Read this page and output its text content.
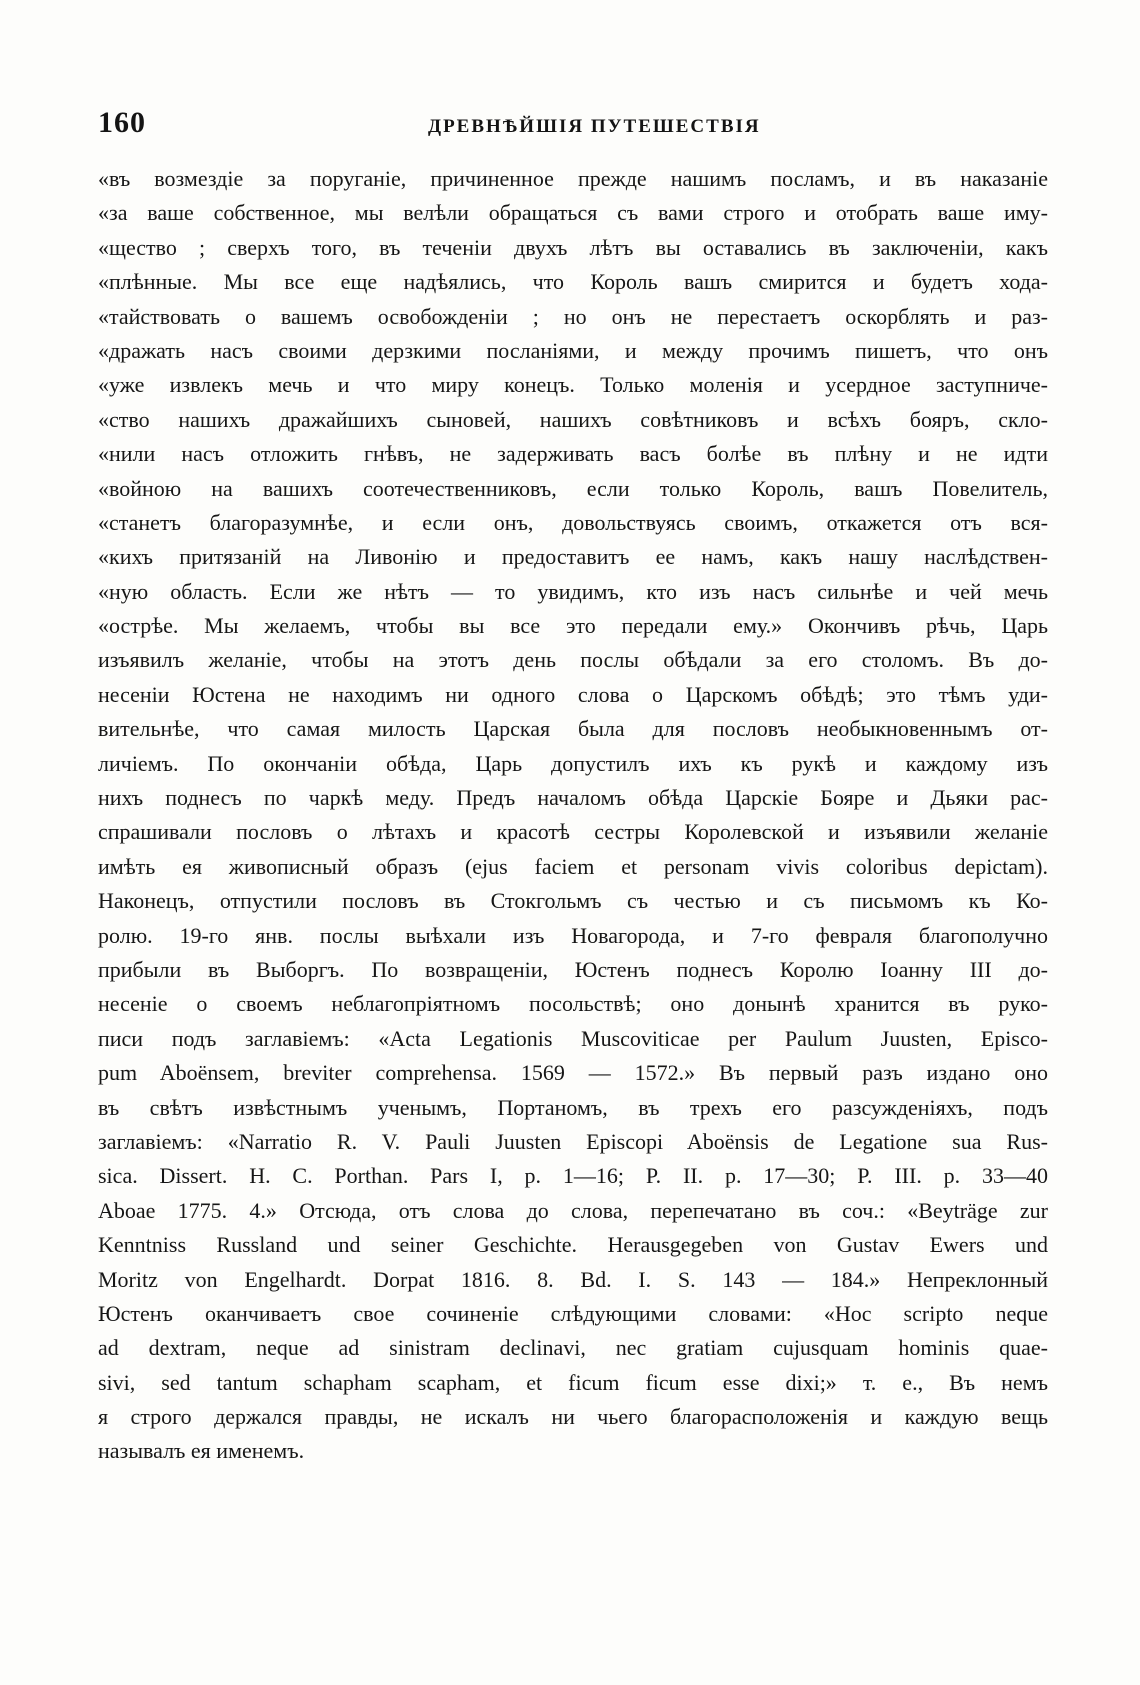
160	ДРЕВНѢЙШІЯ ПУТЕШЕСТВІЯ
«въ возмездіе за поруганіе, причиненное прежде нашимъ посламъ, и въ наказаніе
«за ваше собственное, мы велѣли обращаться съ вами строго и отобрать ваше иму-
«щество ; сверхъ того, въ теченіи двухъ лѣтъ вы оставались въ заключеніи, какъ
«плѣнные. Мы все еще надѣялись, что Король вашъ смирится и будетъ хода-
«тайствовать о вашемъ освобожденіи ; но онъ не перестаетъ оскорблять и раз-
«дражать насъ своими дерзкими посланіями, и между прочимъ пишетъ, что онъ
«уже извлекъ мечь и что миру конецъ. Только моленія и усердное заступниче-
«ство нашихъ дражайшихъ сыновей, нашихъ совѣтниковъ и всѣхъ бояръ, скло-
«нили насъ отложить гнѣвъ, не задерживать васъ болѣе въ плѣну и не идти
«войною на вашихъ соотечественниковъ, если только Король, вашъ Повелитель,
«станетъ благоразумнѣе, и если онъ, довольствуясь своимъ, откажется отъ вся-
«кихъ притязаній на Ливонію и предоставитъ ее намъ, какъ нашу наслѣдствен-
«ную область. Если же нѣтъ — то увидимъ, кто изъ насъ сильнѣе и чей мечь
«острѣе. Мы желаемъ, чтобы вы все это передали ему.» Окончивъ рѣчь, Царь
изъявилъ желаніе, чтобы на этотъ день послы обѣдали за его столомъ. Въ до-
несеніи Юстена не находимъ ни одного слова о Царскомъ обѣдѣ; это тѣмъ уди-
вительнѣе, что самая милость Царская была для пословъ необыкновеннымъ от-
личіемъ. По окончаніи обѣда, Царь допустилъ ихъ къ рукѣ и каждому изъ
нихъ поднесъ по чаркѣ меду. Предъ началомъ обѣда Царскіе Бояре и Дьяки рас-
спрашивали пословъ о лѣтахъ и красотѣ сестры Королевской и изъявили желаніе
имѣть ея живописный образъ (ejus faciem et personam vivis coloribus depictam).
Наконецъ, отпустили пословъ въ Стокгольмъ съ честью и съ письмомъ къ Ко-
ролю. 19-го янв. послы выѣхали изъ Новагорода, и 7-го февраля благополучно
прибыли въ Выборгъ. По возвращеніи, Юстенъ поднесъ Королю Іоанну III до-
несеніе о своемъ неблагопріятномъ посольствѣ; оно донынѣ хранится въ руко-
писи подъ заглавіемъ: «Acta Legationis Muscoviticae per Paulum Juusten, Episco-
pum Aboënsem, breviter comprehensa. 1569 — 1572.» Въ первый разъ издано оно
въ свѣтъ извѣстнымъ ученымъ, Портаномъ, въ трехъ его разсужденіяхъ, подъ
заглавіемъ: «Narratio R. V. Pauli Juusten Episcopi Aboënsis de Legatione sua Rus-
sica. Dissert. H. C. Porthan. Pars I, p. 1—16; P. II. p. 17—30; P. III. p. 33—40
Aboae 1775. 4.» Отсюда, отъ слова до слова, перепечатано въ соч.: «Beyträge zur
Kenntniss Russland und seiner Geschichte. Herausgegeben von Gustav Ewers und
Moritz von Engelhardt. Dorpat 1816. 8. Bd. I. S. 143 — 184.» Непреклонный
Юстенъ оканчиваетъ свое сочиненіе слѣдующими словами: «Hoc scripto neque
ad dextram, neque ad sinistram declinavi, nec gratiam cujusquam hominis quae-
sivi, sed tantum schapham scapham, et ficum ficum esse dixi;» т. е., Въ немъ
я строго держался правды, не искалъ ни чьего благорасположенія и каждую вещь
называлъ ея именемъ.
